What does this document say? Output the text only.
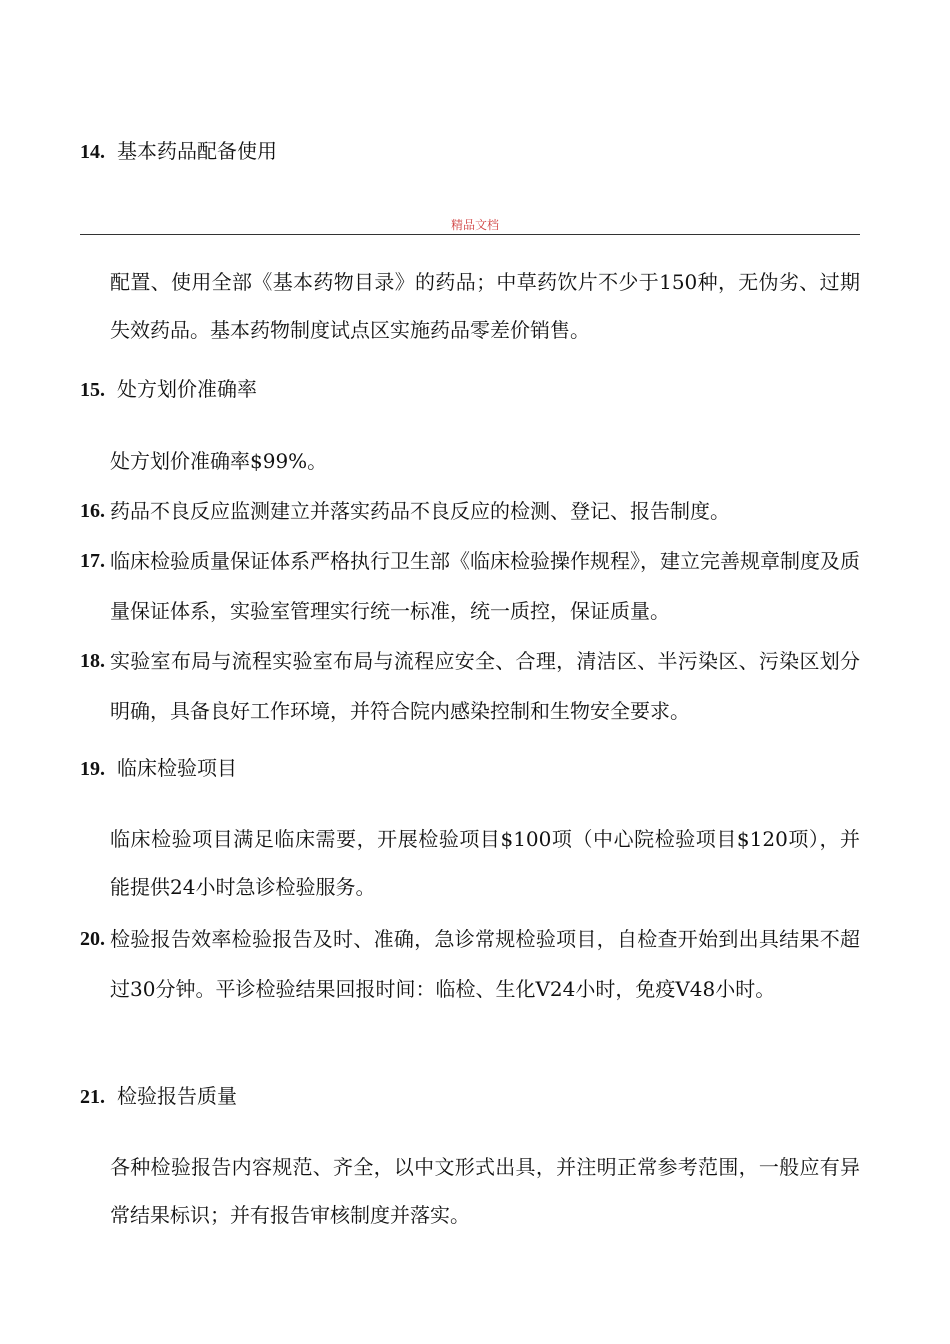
14. 基本药品配备使用
精品文档
配置、使用全部《基本药物目录》的药品；中草药饮片不少于150种，无伪劣、过期失效药品。基本药物制度试点区实施药品零差价销售。
15. 处方划价准确率
处方划价准确率$99%。
16. 药品不良反应监测建立并落实药品不良反应的检测、登记、报告制度。
17. 临床检验质量保证体系严格执行卫生部《临床检验操作规程》，建立完善规章制度及质量保证体系，实验室管理实行统一标准，统一质控，保证质量。
18. 实验室布局与流程实验室布局与流程应安全、合理，清洁区、半污染区、污染区划分明确，具备良好工作环境，并符合院内感染控制和生物安全要求。
19. 临床检验项目
临床检验项目满足临床需要，开展检验项目$100项（中心院检验项目$120项），并能提供24小时急诊检验服务。
20. 检验报告效率检验报告及时、准确，急诊常规检验项目，自检查开始到出具结果不超过30分钟。平诊检验结果回报时间：临检、生化V24小时，免疫V48小时。
21. 检验报告质量
各种检验报告内容规范、齐全，以中文形式出具，并注明正常参考范围，一般应有异常结果标识；并有报告审核制度并落实。
